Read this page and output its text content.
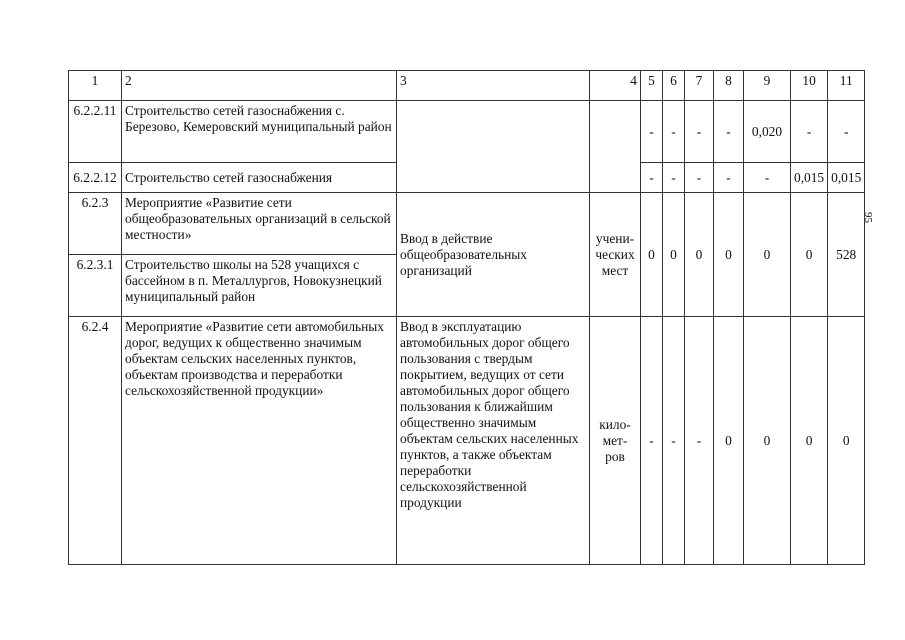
95
1	2	3	4	5	6	7	8	9	10	11
6.2.2.11	Строительство сетей газоснабжения с. Березово, Кемеровский муниципальный район			-	-	-	-	0,020	-	-
6.2.2.12	Строительство сетей газоснабжения			-	-	-	-	-	0,015	0,015
6.2.3	Мероприятие «Развитие сети общеобразовательных организаций в сельской местности»	Ввод в действие общеобразовательных организаций	учени-ческих мест	0	0	0	0	0	0	528
6.2.3.1	Строительство школы на 528 учащихся с бассейном в п. Металлургов, Новокузнецкий муниципальный район									
6.2.4	Мероприятие «Развитие сети автомобильных дорог, ведущих к общественно значимым объектам сельских населенных пунктов, объектам производства и переработки сельскохозяйственной продукции»	Ввод в эксплуатацию автомобильных дорог общего пользования с твердым покрытием, ведущих от сети автомобильных дорог общего пользования к ближайшим общественно значимым объектам сельских населенных пунктов, а также объектам переработки сельскохозяйственной продукции	кило-мет-ров	-	-	-	0	0	0	0
